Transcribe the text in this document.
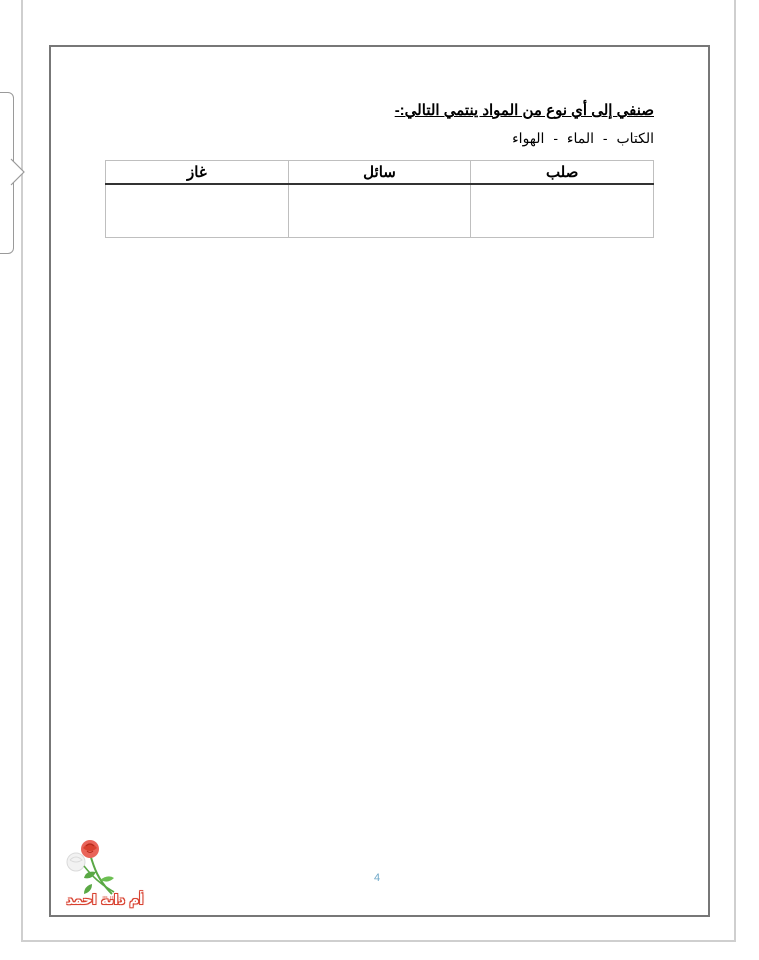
صنفي إلى أي نوع من المواد ينتمي التالي:-
الكتاب - الماء - الهواء
صلب	سائل	غاز

4
أم دانة احمد
